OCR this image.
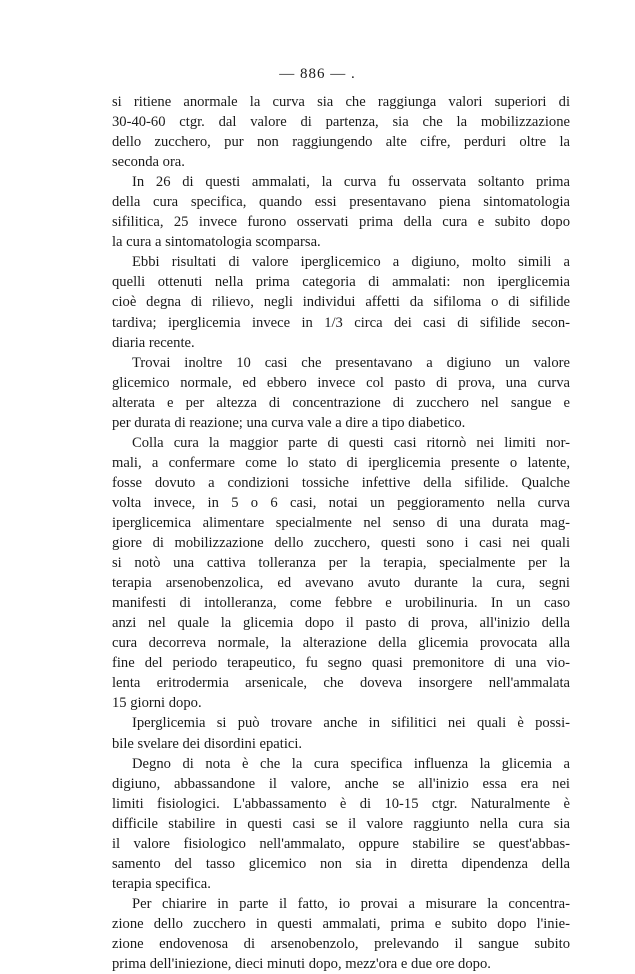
— 886 — .
si ritiene anormale la curva sia che raggiunga valori superiori di
30-40-60 ctgr. dal valore di partenza, sia che la mobilizzazione
dello zucchero, pur non raggiungendo alte cifre, perduri oltre la
seconda ora.
In 26 di questi ammalati, la curva fu osservata soltanto prima
della cura specifica, quando essi presentavano piena sintomatologia
sifilitica, 25 invece furono osservati prima della cura e subito dopo
la cura a sintomatologia scomparsa.
Ebbi risultati di valore iperglicemico a digiuno, molto simili a
quelli ottenuti nella prima categoria di ammalati: non iperglicemia
cioè degna di rilievo, negli individui affetti da sifiloma o di sifilide
tardiva; iperglicemia invece in 1/3 circa dei casi di sifilide secon-
diaria recente.
Trovai inoltre 10 casi che presentavano a digiuno un valore
glicemico normale, ed ebbero invece col pasto di prova, una curva
alterata e per altezza di concentrazione di zucchero nel sangue e
per durata di reazione; una curva vale a dire a tipo diabetico.
Colla cura la maggior parte di questi casi ritornò nei limiti nor-
mali, a confermare come lo stato di iperglicemia presente o latente,
fosse dovuto a condizioni tossiche infettive della sifilide. Qualche
volta invece, in 5 o 6 casi, notai un peggioramento nella curva
iperglicemica alimentare specialmente nel senso di una durata mag-
giore di mobilizzazione dello zucchero, questi sono i casi nei quali
si notò una cattiva tolleranza per la terapia, specialmente per la
terapia arsenobenzolica, ed avevano avuto durante la cura, segni
manifesti di intolleranza, come febbre e urobilinuria. In un caso
anzi nel quale la glicemia dopo il pasto di prova, all'inizio della
cura decorreva normale, la alterazione della glicemia provocata alla
fine del periodo terapeutico, fu segno quasi premonitore di una vio-
lenta eritrodermia arsenicale, che doveva insorgere nell'ammalata
15 giorni dopo.
Iperglicemia si può trovare anche in sifilitici nei quali è possi-
bile svelare dei disordini epatici.
Degno di nota è che la cura specifica influenza la glicemia a
digiuno, abbassandone il valore, anche se all'inizio essa era nei
limiti fisiologici. L'abbassamento è di 10-15 ctgr. Naturalmente è
difficile stabilire in questi casi se il valore raggiunto nella cura sia
il valore fisiologico nell'ammalato, oppure stabilire se quest'abbas-
samento del tasso glicemico non sia in diretta dipendenza della
terapia specifica.
Per chiarire in parte il fatto, io provai a misurare la concentra-
zione dello zucchero in questi ammalati, prima e subito dopo l'inie-
zione endovenosa di arsenobenzolo, prelevando il sangue subito
prima dell'iniezione, dieci minuti dopo, mezz'ora e due ore dopo.
